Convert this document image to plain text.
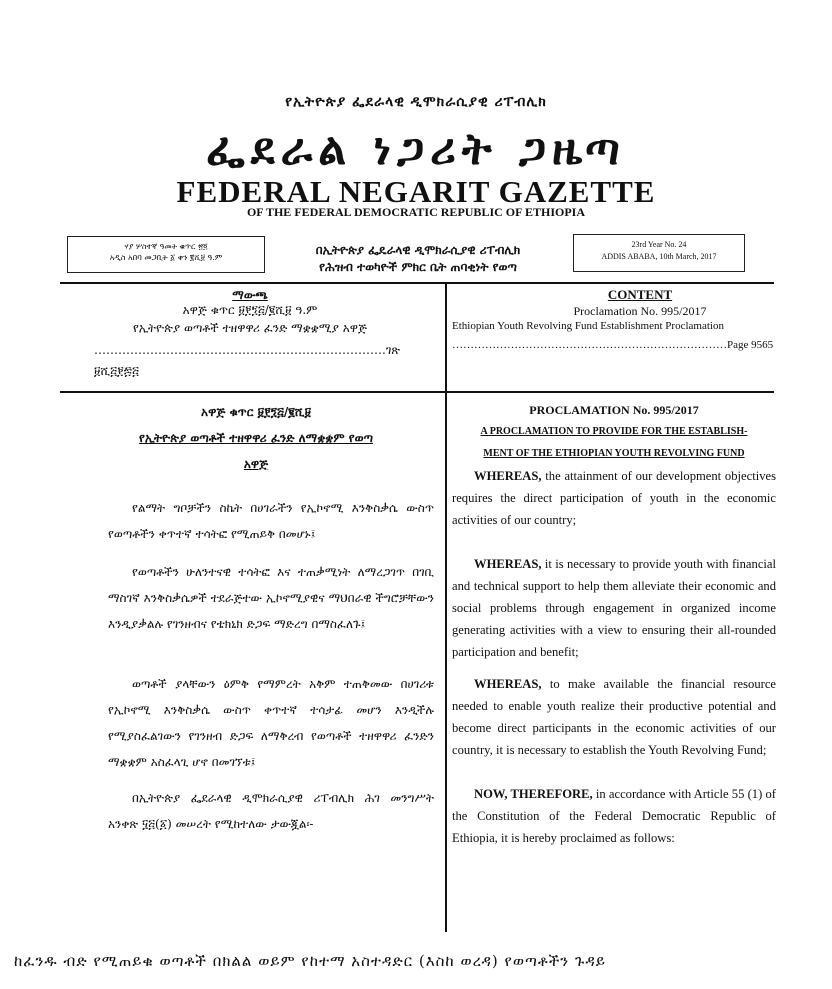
የኢትዮጵያ ፌደራላዊ ዲሞክራሲያዊ ሪፐብሊክ
ፌደራል ነጋሪት ጋዜጣ
FEDERAL NEGARIT GAZETTE
OF THE FEDERAL DEMOCRATIC REPUBLIC OF ETHIOPIA
ሃያ ሦስተኛ ዓመት ቁጥር ፳፬
አዲስ አበባ መጋቢት ፩ ቀን ፪ሺ፱ ዓ.ም
በኢትዮጵያ ፌዴራላዊ ዲሞክራሲያዊ ሪፐብሊክ
የሕዝብ ተወካዮች ምክር ቤት ጠባቂነት የወጣ
23rd Year No. 24
ADDIS ABABA, 10th March, 2017
ማውጫ
አዋጅ ቁጥር ፱፻፺፭/፪ሺ፱ ዓ.ም
የኢትዮጵያ ወጣቶች ተዘዋዋሪ ፈንድ ማቋቋሚያ አዋጅ
……………………………………………………………….ገጽ
፱ሺ፭፻፷፭
CONTENT
Proclamation No. 995/2017
Ethiopian Youth Revolving Fund Establishment Proclamation
…………………………………………………………………Page 9565
አዋጅ ቁጥር ፱፻፺፭/፪ሺ፱
የኢትዮጵያ ወጣቶች ተዘዋዋሪ ፈንድ ለማቋቋም የወጣ
አዋጅ

የልማት ግቦቻችን ስኬት በሀገራችን የኢኮኖሚ እንቅስቃሴ ውስጥ የወጣቶችን ቀጥተኛ ተሳትፎ የሚጠይቅ በመሆኑ፤

የወጣቶችን ሁለንተናዊ ተሳትፎ እና ተጠቃሚነት ለማረጋገጥ በገቢ ማስገኛ እንቅስቃሴዎች ተደራጅተው ኢኮኖሚያዊና ማህበራዊ ችግሮቻቸውን እንዲያቃልሉ የገንዘብና የቴክኒክ ድጋፍ ማድረግ በማስፈለጉ፤

ወጣቶች ያላቸውን ዕምቅ የማምረት አቅም ተጠቅመው በሀገሪቱ የኢኮኖሚ እንቅስቃሴ ውስጥ ቀጥተኛ ተሳታፊ መሆን እንዲችሉ የሚያስፈልገውን የገንዘብ ድጋፍ ለማቅረብ የወጣቶች ተዘዋዋሪ ፈንድን ማቋቋም አስፈላጊ ሆኖ በመገኘቱ፤

በኢትዮጵያ ፌደራላዊ ዲሞክራሲያዊ ሪፐብሊክ ሕገ መንግሥት አንቀጽ ፶፭(፩) መሠረት የሚከተለው ታውጇል፡-

PROCLAMATION No. 995/2017
A PROCLAMATION TO PROVIDE FOR THE ESTABLISH-
MENT OF THE ETHIOPIAN YOUTH REVOLVING FUND

WHEREAS, the attainment of our development objectives requires the direct participation of youth in the economic activities of our country;

WHEREAS, it is necessary to provide youth with financial and technical support to help them alleviate their economic and social problems through engagement in organized income generating activities with a view to ensuring their all-rounded participation and benefit;

WHEREAS, to make available the financial resource needed to enable youth realize their productive potential and become direct participants in the economic activities of our country, it is necessary to establish the Youth Revolving Fund;

NOW, THEREFORE, in accordance with Article 55 (1) of the Constitution of the Federal Democratic Republic of Ethiopia, it is hereby proclaimed as follows:

ከፈንዱ ብድ የሚጠይቁ ወጣቶች በክልል ወይም የከተማ አስተዳድር (እስከ ወረዳ) የወጣቶችን ጉዳይ
